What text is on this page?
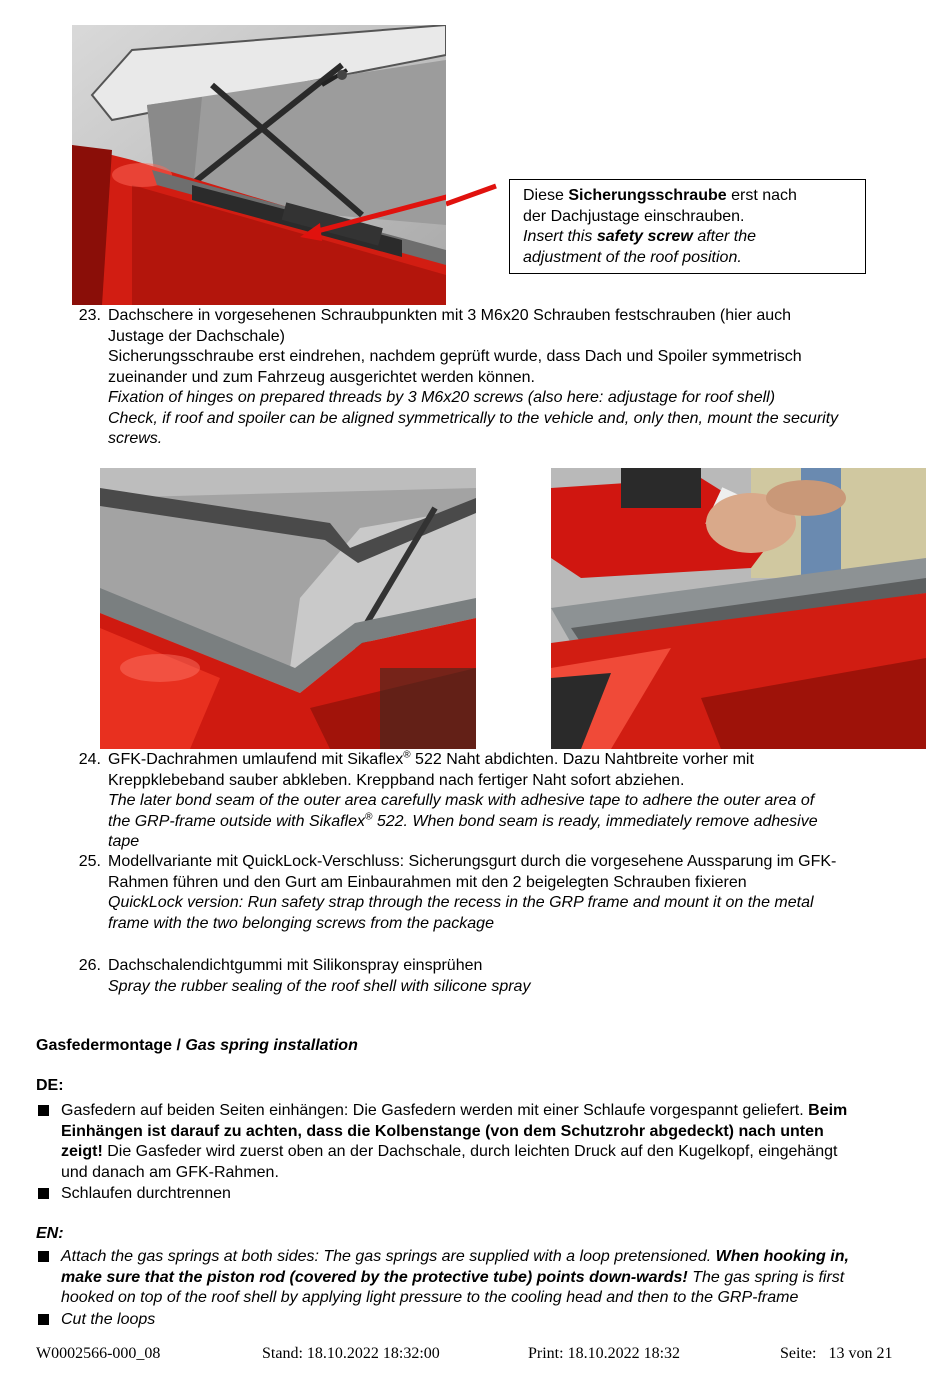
Diese Sicherungsschraube erst nach
der Dachjustage einschrauben.
Insert this safety screw after the
adjustment of the roof position.
23. Dachschere in vorgesehenen Schraubpunkten mit 3 M6x20 Schrauben festschrauben (hier auch
Justage der Dachschale)
Sicherungsschraube erst eindrehen, nachdem geprüft wurde, dass Dach und Spoiler symmetrisch
zueinander und zum Fahrzeug ausgerichtet werden können.
Fixation of hinges on prepared threads by 3 M6x20 screws (also here: adjustage for roof shell)
Check, if roof and spoiler can be aligned symmetrically to the vehicle and, only then, mount the security
screws.
24. GFK-Dachrahmen umlaufend mit Sikaflex® 522 Naht abdichten. Dazu Nahtbreite vorher mit
Kreppklebeband sauber abkleben. Kreppband nach fertiger Naht sofort abziehen.
The later bond seam of the outer area carefully mask with adhesive tape to adhere the outer area of
the GRP-frame outside with Sikaflex® 522. When bond seam is ready, immediately remove adhesive
tape
25. Modellvariante mit QuickLock-Verschluss: Sicherungsgurt durch die vorgesehene Aussparung im GFK-
Rahmen führen und den Gurt am Einbaurahmen mit den 2 beigelegten Schrauben fixieren
QuickLock version: Run safety strap through the recess in the GRP frame and mount it on the metal
frame with the two belonging screws from the package
26. Dachschalendichtgummi mit Silikonspray einsprühen
Spray the rubber sealing of the roof shell with silicone spray
Gasfedermontage / Gas spring installation
DE:
Gasfedern auf beiden Seiten einhängen: Die Gasfedern werden mit einer Schlaufe vorgespannt geliefert. Beim
Einhängen ist darauf zu achten, dass die Kolbenstange (von dem Schutzrohr abgedeckt) nach unten
zeigt! Die Gasfeder wird zuerst oben an der Dachschale, durch leichten Druck auf den Kugelkopf, eingehängt
und danach am GFK-Rahmen.
Schlaufen durchtrennen
EN:
Attach the gas springs at both sides: The gas springs are supplied with a loop pretensioned. When hooking in,
make sure that the piston rod (covered by the protective tube) points down-wards! The gas spring is first
hooked on top of the roof shell by applying light pressure to the cooling head and then to the GRP-frame
Cut the loops
W0002566-000_08	Stand: 18.10.2022 18:32:00	Print: 18.10.2022 18:32	Seite:   13 von 21
